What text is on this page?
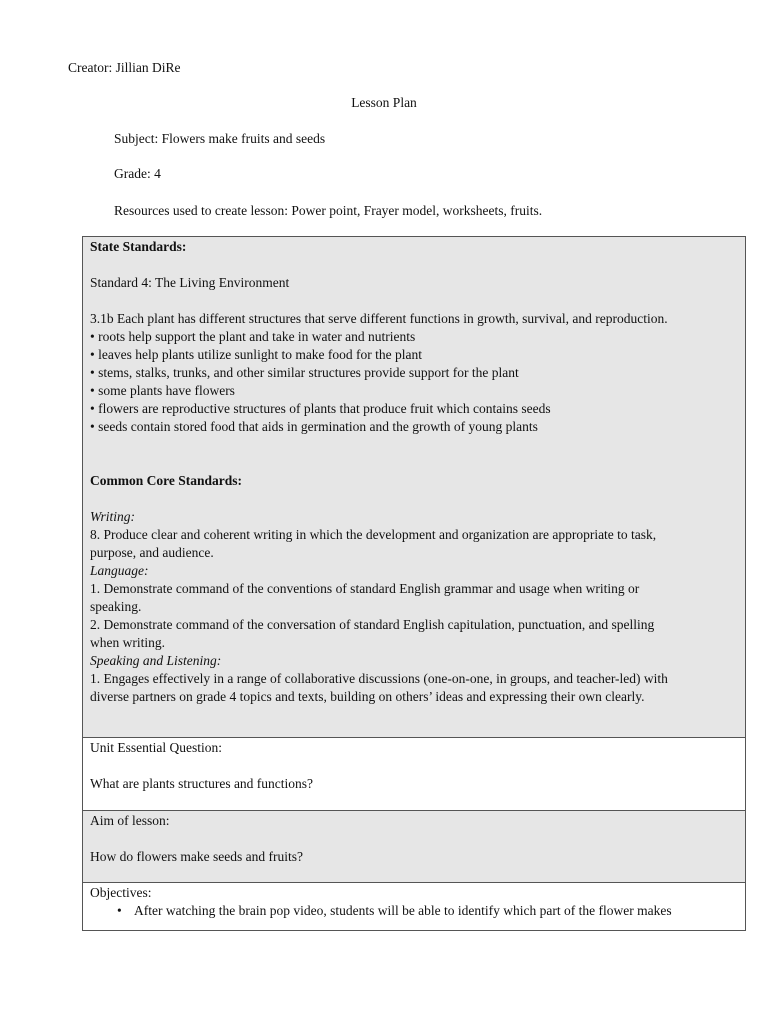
Creator: Jillian DiRe
Lesson Plan
Subject: Flowers make fruits and seeds
Grade: 4
Resources used to create lesson: Power point, Frayer model, worksheets, fruits.

State Standards:

Standard 4: The Living Environment

3.1b Each plant has different structures that serve different functions in growth, survival, and reproduction.

• roots help support the plant and take in water and nutrients

• leaves help plants utilize sunlight to make food for the plant

• stems, stalks, trunks, and other similar structures provide support for the plant

• some plants have flowers

• flowers are reproductive structures of plants that produce fruit which contains seeds

• seeds contain stored food that aids in germination and the growth of young plants

Common Core Standards:

Writing:

8. Produce clear and coherent writing in which the development and organization are appropriate to task,

purpose, and audience.

Language:

1. Demonstrate command of the conventions of standard English grammar and usage when writing or

speaking.

2. Demonstrate command of the conversation of standard English capitulation, punctuation, and spelling

when writing.

Speaking and Listening:

1. Engages effectively in a range of collaborative discussions (one-on-one, in groups, and teacher-led) with

diverse partners on grade 4 topics and texts, building on others’ ideas and expressing their own clearly.

Unit Essential Question:

What are plants structures and functions?

Aim of lesson:

How do flowers make seeds and fruits?

Objectives:

• After watching the brain pop video, students will be able to identify which part of the flower makes
